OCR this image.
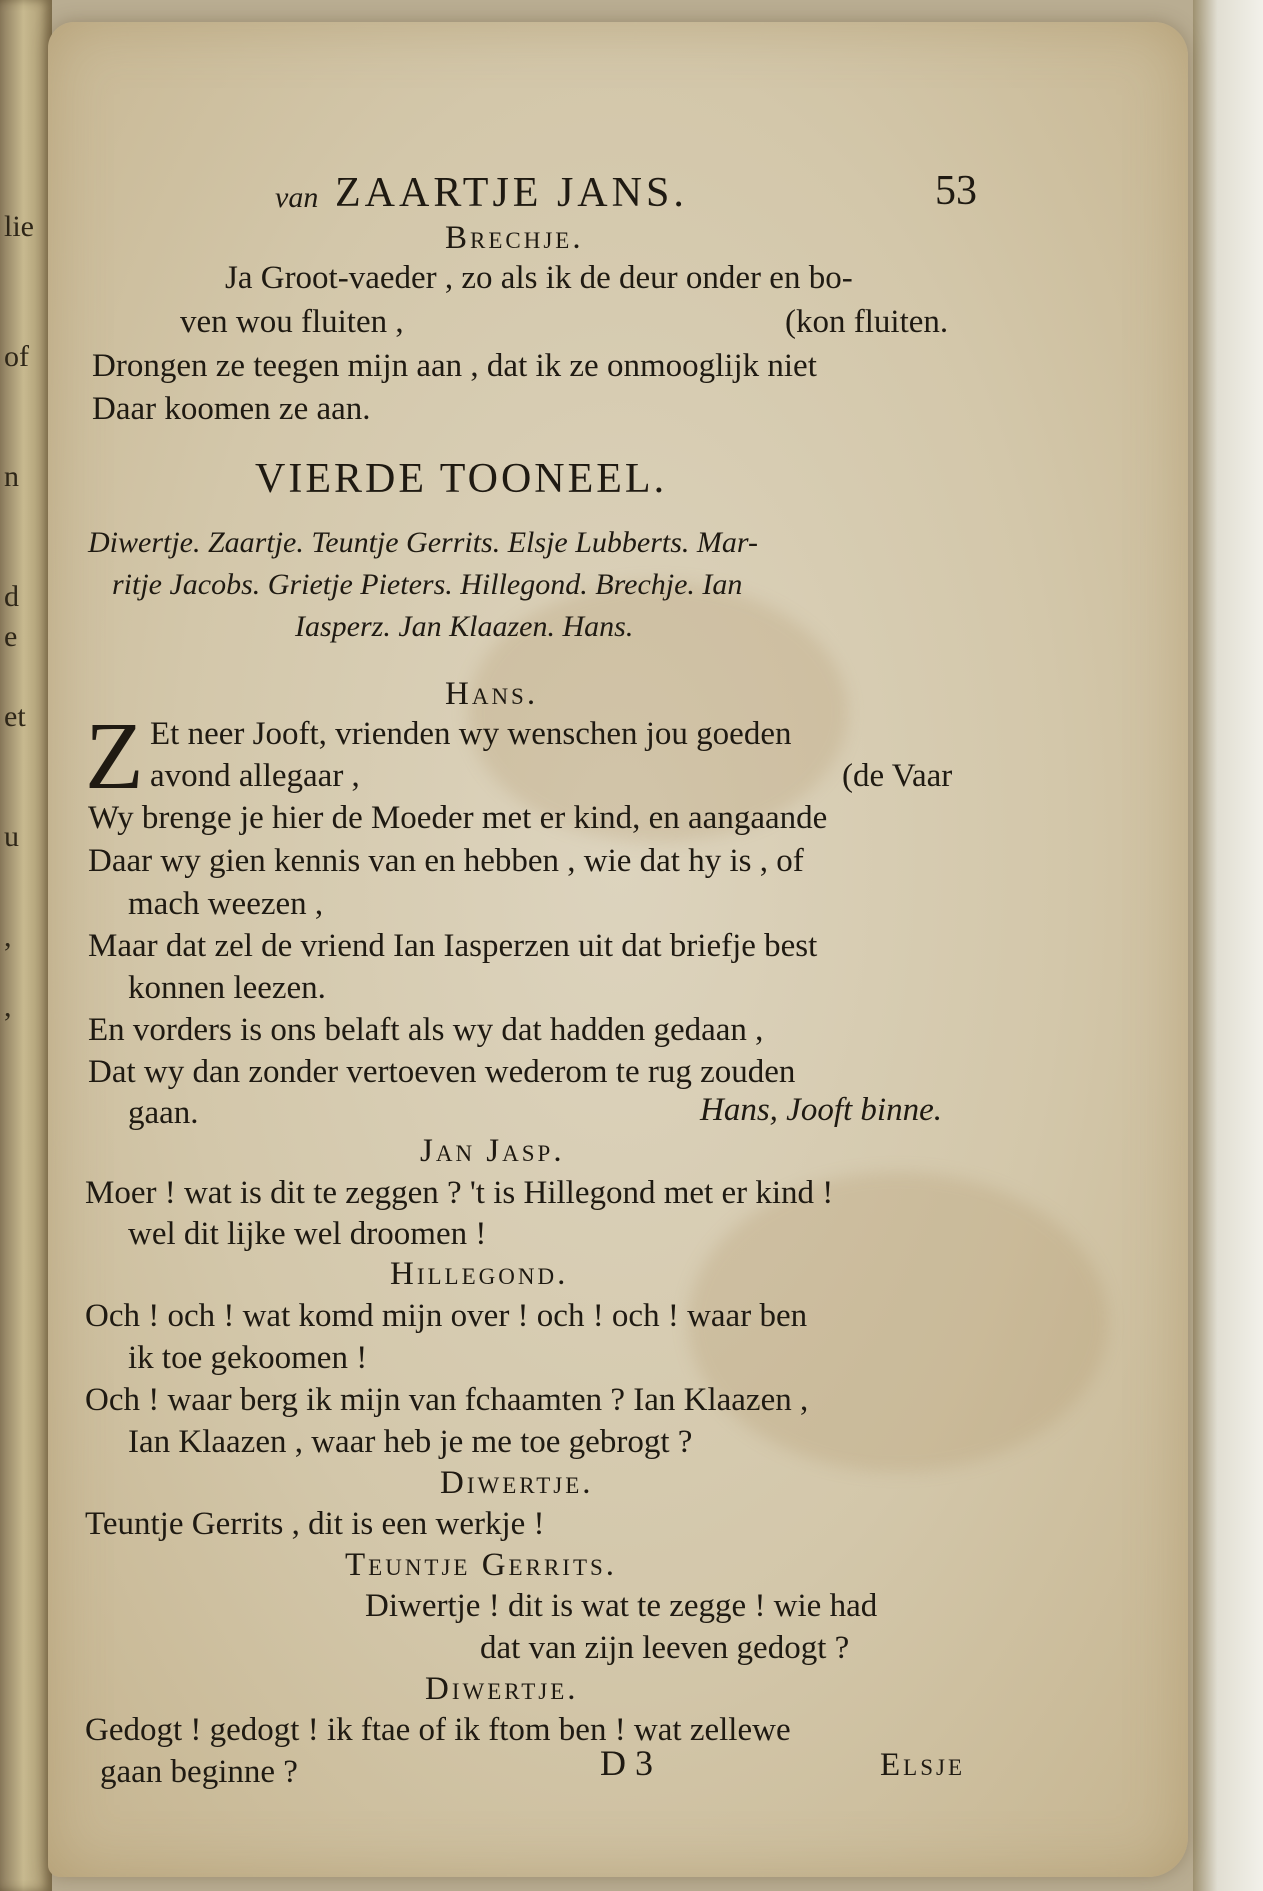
lie
of
n
d
e
et
u
,
,
van ZAARTJE JANS.	53
Brechje.
Ja Groot-vaeder , zo als ik de deur onder en bo-
ven wou fluiten ,	(kon fluiten.
Drongen ze teegen mijn aan , dat ik ze onmooglijk niet
Daar koomen ze aan.
VIERDE TOONEEL.
Diwertje. Zaartje. Teuntje Gerrits. Elsje Lubberts. Mar-
ritje Jacobs. Grietje Pieters. Hillegond. Brechje. Ian
Iasperz. Jan Klaazen. Hans.
Hans.
Z Et neer Jooft, vrienden wy wenschen jou goeden
avond allegaar ,	(de Vaar
Wy brenge je hier de Moeder met er kind, en aangaande
Daar wy gien kennis van en hebben , wie dat hy is , of
mach weezen ,
Maar dat zel de vriend Ian Iasperzen uit dat briefje best
konnen leezen.
En vorders is ons belaft als wy dat hadden gedaan ,
Dat wy dan zonder vertoeven wederom te rug zouden
gaan.	Hans, Jooft binne.
Jan Jasp.
Moer ! wat is dit te zeggen ? 't is Hillegond met er kind !
wel dit lijke wel droomen !
Hillegond.
Och ! och ! wat komd mijn over ! och ! och ! waar ben
ik toe gekoomen !
Och ! waar berg ik mijn van fchaamten ? Ian Klaazen ,
Ian Klaazen , waar heb je me toe gebrogt ?
Diwertje.
Teuntje Gerrits , dit is een werkje !
Teuntje Gerrits.
Diwertje ! dit is wat te zegge ! wie had
dat van zijn leeven gedogt ?
Diwertje.
Gedogt ! gedogt ! ik ftae of ik ftom ben ! wat zellewe
gaan beginne ?	D 3	Elsje
